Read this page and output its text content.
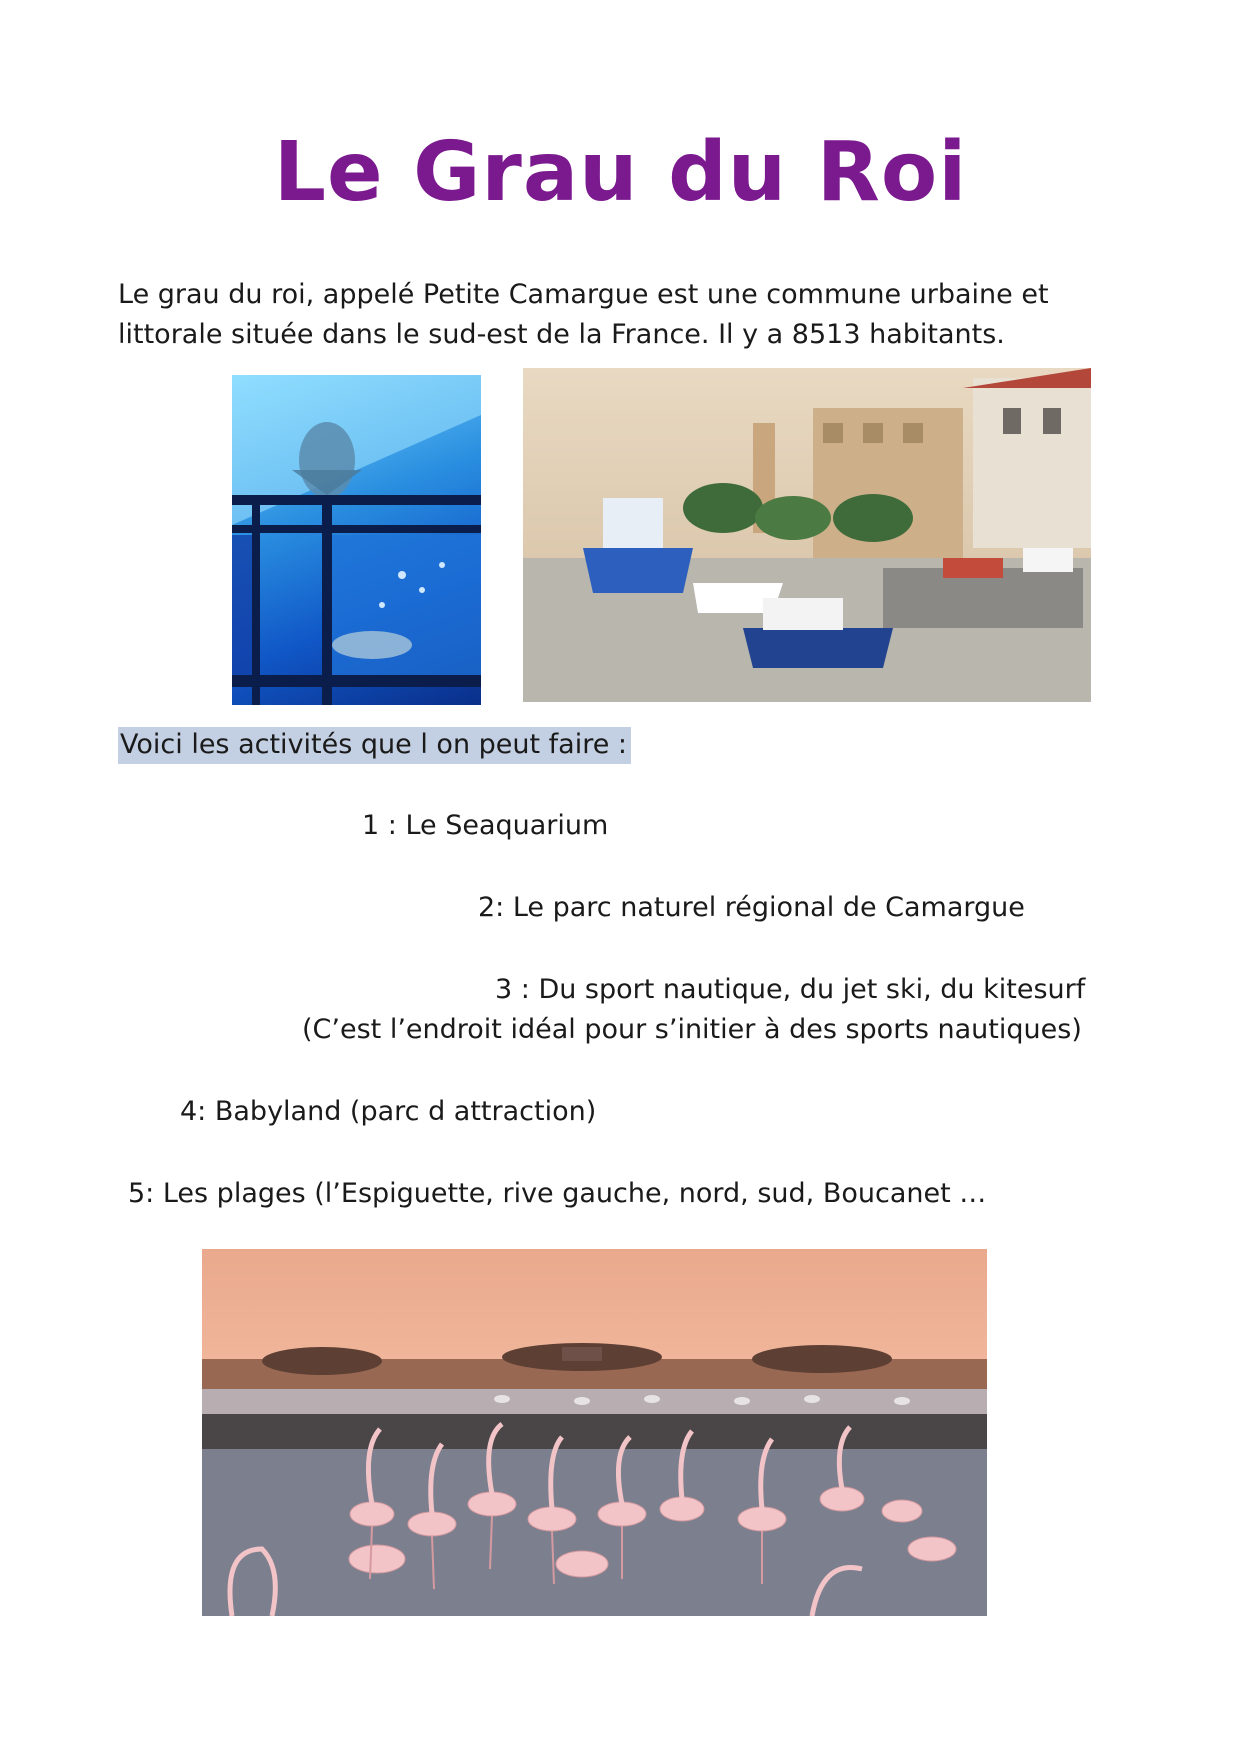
Le Grau du Roi
Le grau du roi, appelé Petite Camargue est une commune urbaine et littorale située dans le sud-est de la France. Il y a 8513 habitants.
Voici les activités que l on peut faire :
1 : Le Seaquarium
2: Le parc naturel régional de Camargue
3 : Du sport nautique, du jet ski, du kitesurf
(C’est l’endroit idéal pour s’initier à des sports nautiques)
4: Babyland (parc d attraction)
5: Les plages (l’Espiguette, rive gauche, nord, sud, Boucanet …
